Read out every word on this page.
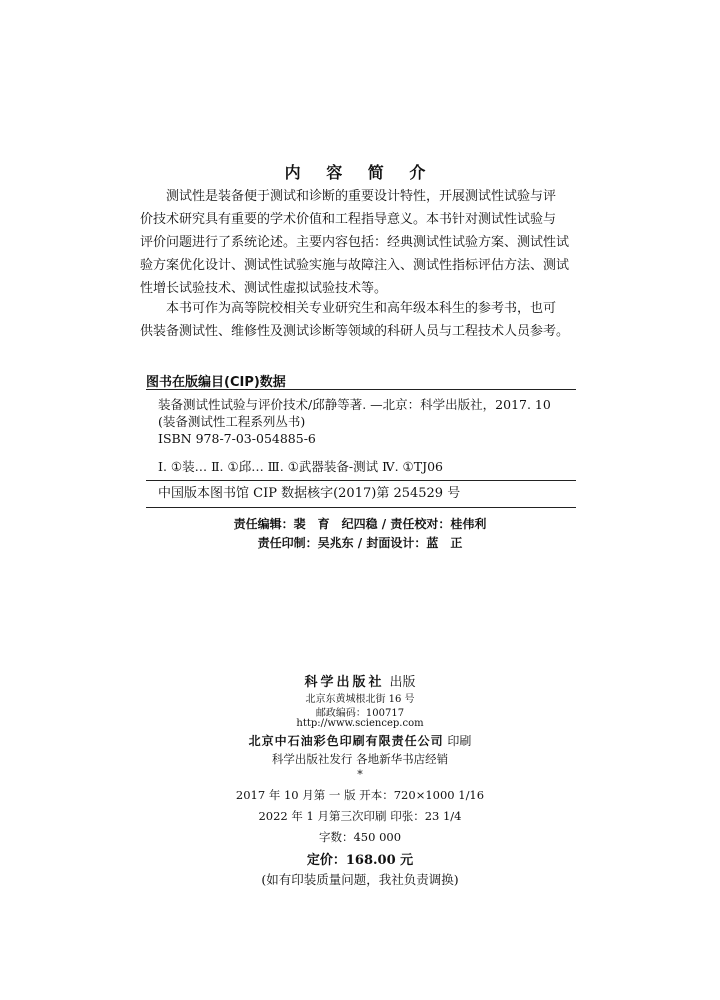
内 容 简 介
测试性是装备便于测试和诊断的重要设计特性，开展测试性试验与评
价技术研究具有重要的学术价值和工程指导意义。本书针对测试性试验与
评价问题进行了系统论述。主要内容包括：经典测试性试验方案、测试性试
验方案优化设计、测试性试验实施与故障注入、测试性指标评估方法、测试
性增长试验技术、测试性虚拟试验技术等。
本书可作为高等院校相关专业研究生和高年级本科生的参考书，也可
供装备测试性、维修性及测试诊断等领域的科研人员与工程技术人员参考。
图书在版编目(CIP)数据
装备测试性试验与评价技术/邱静等著. —北京：科学出版社，2017. 10
(装备测试性工程系列丛书)
ISBN 978-7-03-054885-6
Ⅰ. ①装… Ⅱ. ①邱… Ⅲ. ①武器装备-测试 Ⅳ. ①TJ06
中国版本图书馆 CIP 数据核字(2017)第 254529 号
责任编辑：裴　育　纪四稳 / 责任校对：桂伟利
责任印制：吴兆东 / 封面设计：蓝　正
科学出版社 出版
北京东黄城根北街 16 号
邮政编码：100717
http://www.sciencep.com
北京中石油彩色印刷有限责任公司 印刷
科学出版社发行 各地新华书店经销
*
2017 年 10 月第 一 版 开本：720×1000 1/16
2022 年 1 月第三次印刷 印张：23 1/4
字数：450 000
定价：168.00 元
(如有印装质量问题，我社负责调换)
